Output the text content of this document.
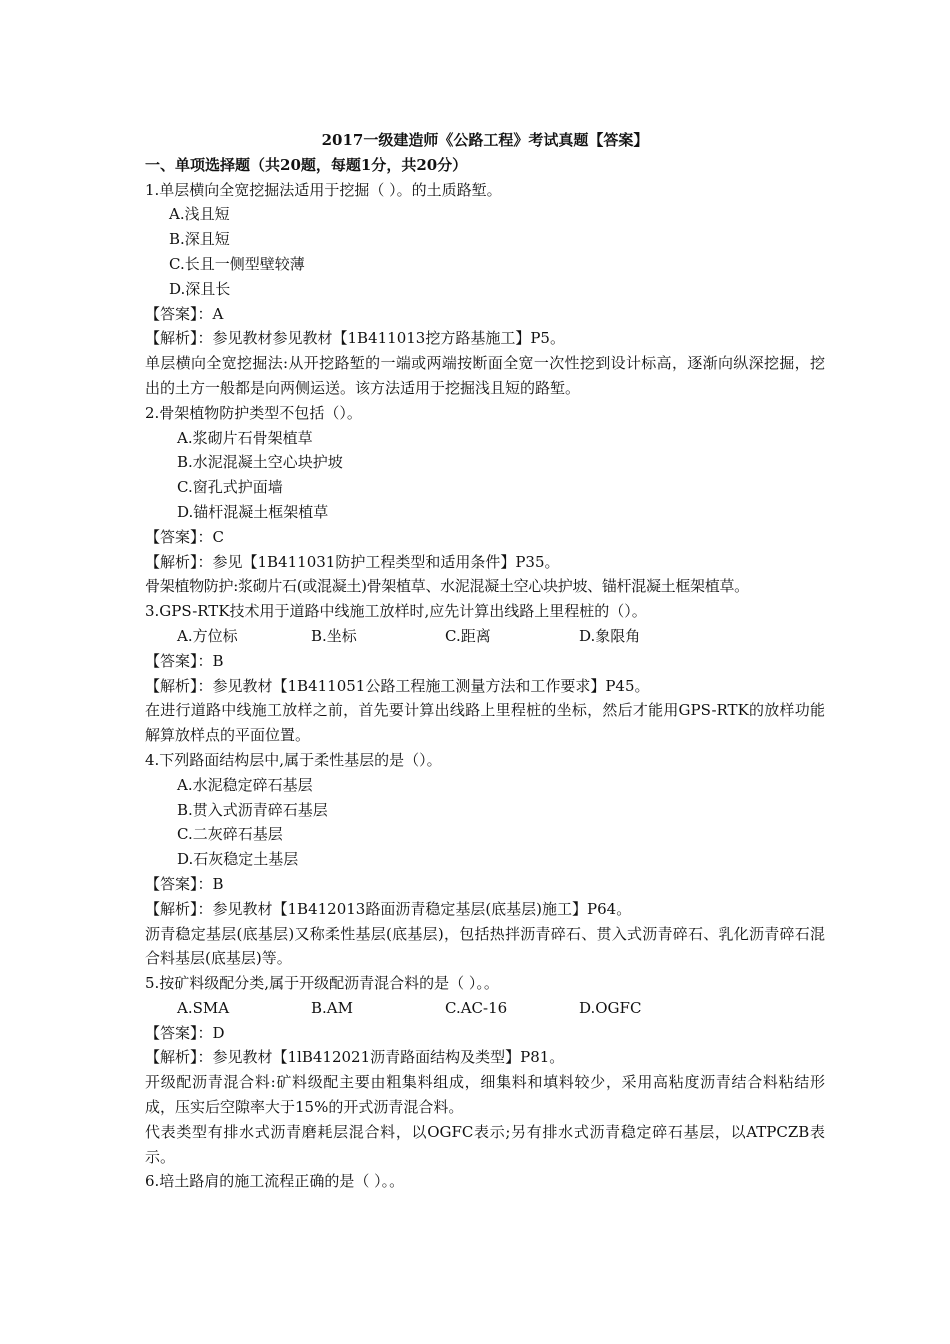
2017一级建造师《公路工程》考试真题【答案】

一、单项选择题（共20题，每题1分，共20分）

1.单层横向全宽挖掘法适用于挖掘（ ）。的土质路堑。

A.浅且短

B.深且短

C.长且一侧型壁较薄

D.深且长

【答案】：A

【解析】：参见教材参见教材【1B411013挖方路基施工】P5。

单层横向全宽挖掘法:从开挖路堑的一端或两端按断面全宽一次性挖到设计标高，逐渐向纵深挖掘，挖出的土方一般都是向两侧运送。该方法适用于挖掘浅且短的路堑。

2.骨架植物防护类型不包括（）。

A.浆砌片石骨架植草

B.水泥混凝土空心块护坡

C.窗孔式护面墙

D.锚杆混凝土框架植草

【答案】：C

【解析】：参见【1B411031防护工程类型和适用条件】P35。

骨架植物防护:浆砌片石(或混凝土)骨架植草、水泥混凝土空心块护坡、锚杆混凝土框架植草。

3.GPS-RTK技术用于道路中线施工放样时,应先计算出线路上里程桩的（）。

A.方位标	B.坐标	C.距离	D.象限角

【答案】：B

【解析】：参见教材【1B411051公路工程施工测量方法和工作要求】P45。

在进行道路中线施工放样之前，首先要计算出线路上里程桩的坐标，然后才能用GPS-RTK的放样功能解算放样点的平面位置。

4.下列路面结构层中,属于柔性基层的是（）。

A.水泥稳定碎石基层

B.贯入式沥青碎石基层

C.二灰碎石基层

D.石灰稳定土基层

【答案】：B

【解析】：参见教材【1B412013路面沥青稳定基层(底基层)施工】P64。

沥青稳定基层(底基层)又称柔性基层(底基层)，包括热拌沥青碎石、贯入式沥青碎石、乳化沥青碎石混合料基层(底基层)等。

5.按矿料级配分类,属于开级配沥青混合料的是（ ）。。

A.SMA	B.AM	C.AC-16	D.OGFC

【答案】：D

【解析】：参见教材【1lB412021沥青路面结构及类型】P81。

开级配沥青混合料:矿料级配主要由粗集料组成，细集料和填料较少，采用高粘度沥青结合料粘结形成，压实后空隙率大于15%的开式沥青混合料。

代表类型有排水式沥青磨耗层混合料，以OGFC表示;另有排水式沥青稳定碎石基层，以ATPCZB表示。

6.培土路肩的施工流程正确的是（ ）。。
